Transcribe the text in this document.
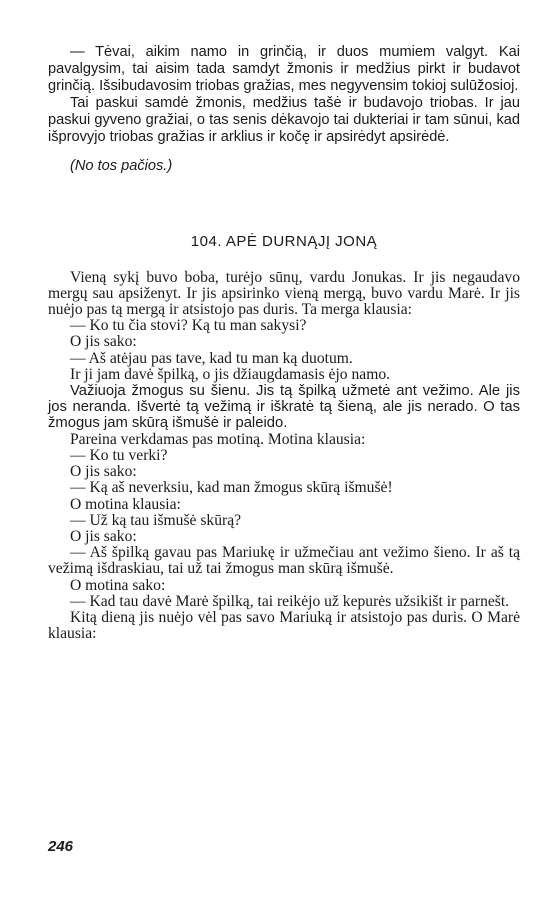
— Tėvai, aikim namo in grinčią, ir duos mumiem valgyt. Kai pavalgysim, tai aisim tada samdyt žmonis ir medžius pirkt ir budavot grinčią. Išsibudavosim triobas gražias, mes negyvensim tokioj sulūžosioj.

Tai paskui samdė žmonis, medžius tašė ir budavojo triobas. Ir jau paskui gyveno gražiai, o tas senis dėkavojo tai dukteriai ir tam sūnui, kad išprovyjo triobas gražias ir arklius ir kočę ir apsirėdyt apsirėdė.

(No tos pačios.)

104. APĖ DURNĄJĮ JONĄ

Vieną sykį buvo boba, turėjo sūnų, vardu Jonukas. Ir jis negaudavo mergų sau apsiženyt. Ir jis apsirinko vieną mergą, buvo vardu Marė. Ir jis nuėjo pas tą mergą ir atsistojo pas duris. Ta merga klausia:

— Ko tu čia stovi? Ką tu man sakysi?

O jis sako:

— Aš atėjau pas tave, kad tu man ką duotum.

Ir ji jam davė špilką, o jis džiaugdamasis ėjo namo.

Važiuoja žmogus su šienu. Jis tą špilką užmetė ant vežimo. Ale jis jos neranda. Išvertė tą vežimą ir iškratė tą šieną, ale jis nerado. O tas žmogus jam skūrą išmušė ir paleido.

Pareina verkdamas pas motiną. Motina klausia:

— Ko tu verki?

O jis sako:

— Ką aš neverksiu, kad man žmogus skūrą išmušė!

O motina klausia:

— Už ką tau išmušė skūrą?

O jis sako:

— Aš špilką gavau pas Mariukę ir užmečiau ant vežimo šieno. Ir aš tą vežimą išdraskiau, tai už tai žmogus man skūrą išmušė.

O motina sako:

— Kad tau davė Marė špilką, tai reikėjo už kepurės užsikišt ir parnešt.

Kitą dieną jis nuėjo vėl pas savo Mariuką ir atsistojo pas duris. O Marė klausia:

246
